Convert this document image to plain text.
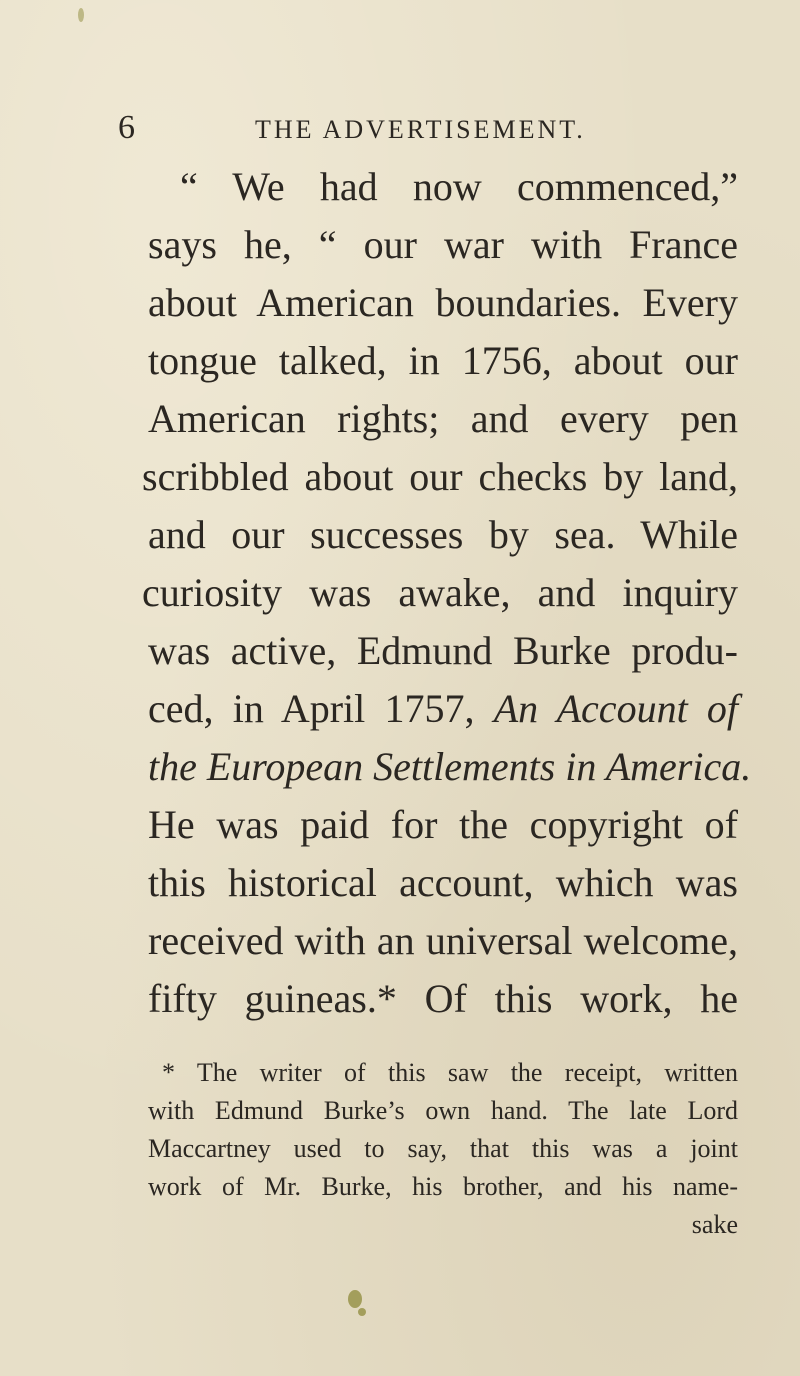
6	THE ADVERTISEMENT.
“ We had now commenced,”
says he, “ our war with France
about American boundaries. Every
tongue talked, in 1756, about our
American rights; and every pen
scribbled about our checks by land,
and our successes by sea. While
curiosity was awake, and inquiry
was active, Edmund Burke produ-
ced, in April 1757, An Account of
the European Settlements in America.
He was paid for the copyright of
this historical account, which was
received with an universal welcome,
fifty guineas.* Of this work, he
* The writer of this saw the receipt, written
with Edmund Burke’s own hand. The late Lord
Maccartney used to say, that this was a joint
work of Mr. Burke, his brother, and his name-
sake
